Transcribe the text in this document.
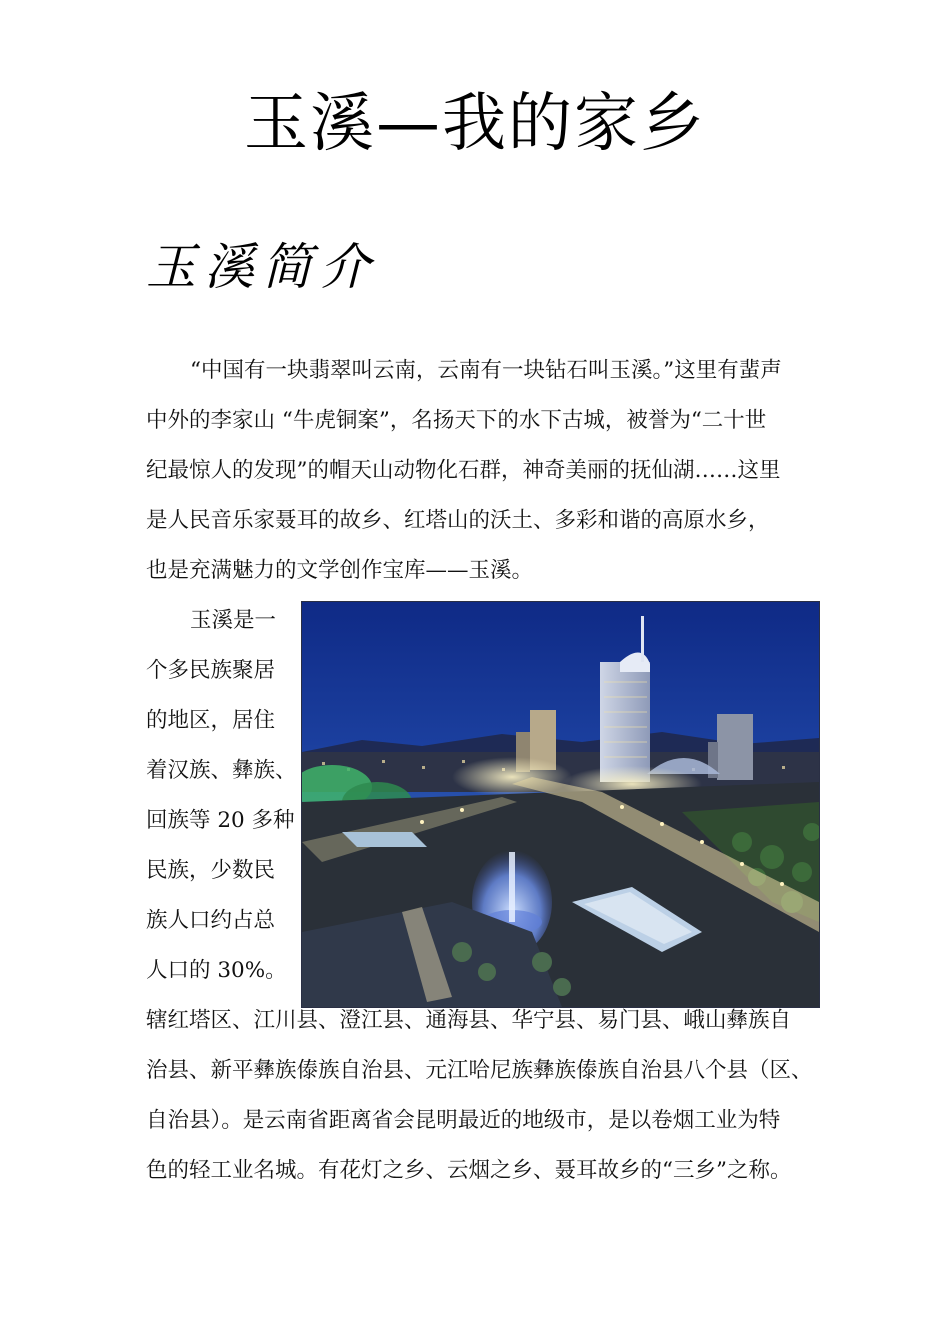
玉溪—我的家乡
玉溪简介
“中国有一块翡翠叫云南，云南有一块钻石叫玉溪。”这里有蜚声
中外的李家山 “牛虎铜案”，名扬天下的水下古城，被誉为“二十世
纪最惊人的发现”的帽天山动物化石群，神奇美丽的抚仙湖……这里
是人民音乐家聂耳的故乡、红塔山的沃土、多彩和谐的高原水乡，
也是充满魅力的文学创作宝库——玉溪。
玉溪是一
个多民族聚居
的地区，居住
着汉族、彝族、
回族等 20 多种
民族，少数民
族人口约占总
人口的 30%。
辖红塔区、江川县、澄江县、通海县、华宁县、易门县、峨山彝族自
治县、新平彝族傣族自治县、元江哈尼族彝族傣族自治县八个县（区、
自治县）。是云南省距离省会昆明最近的地级市，是以卷烟工业为特
色的轻工业名城。有花灯之乡、云烟之乡、聂耳故乡的“三乡”之称。
